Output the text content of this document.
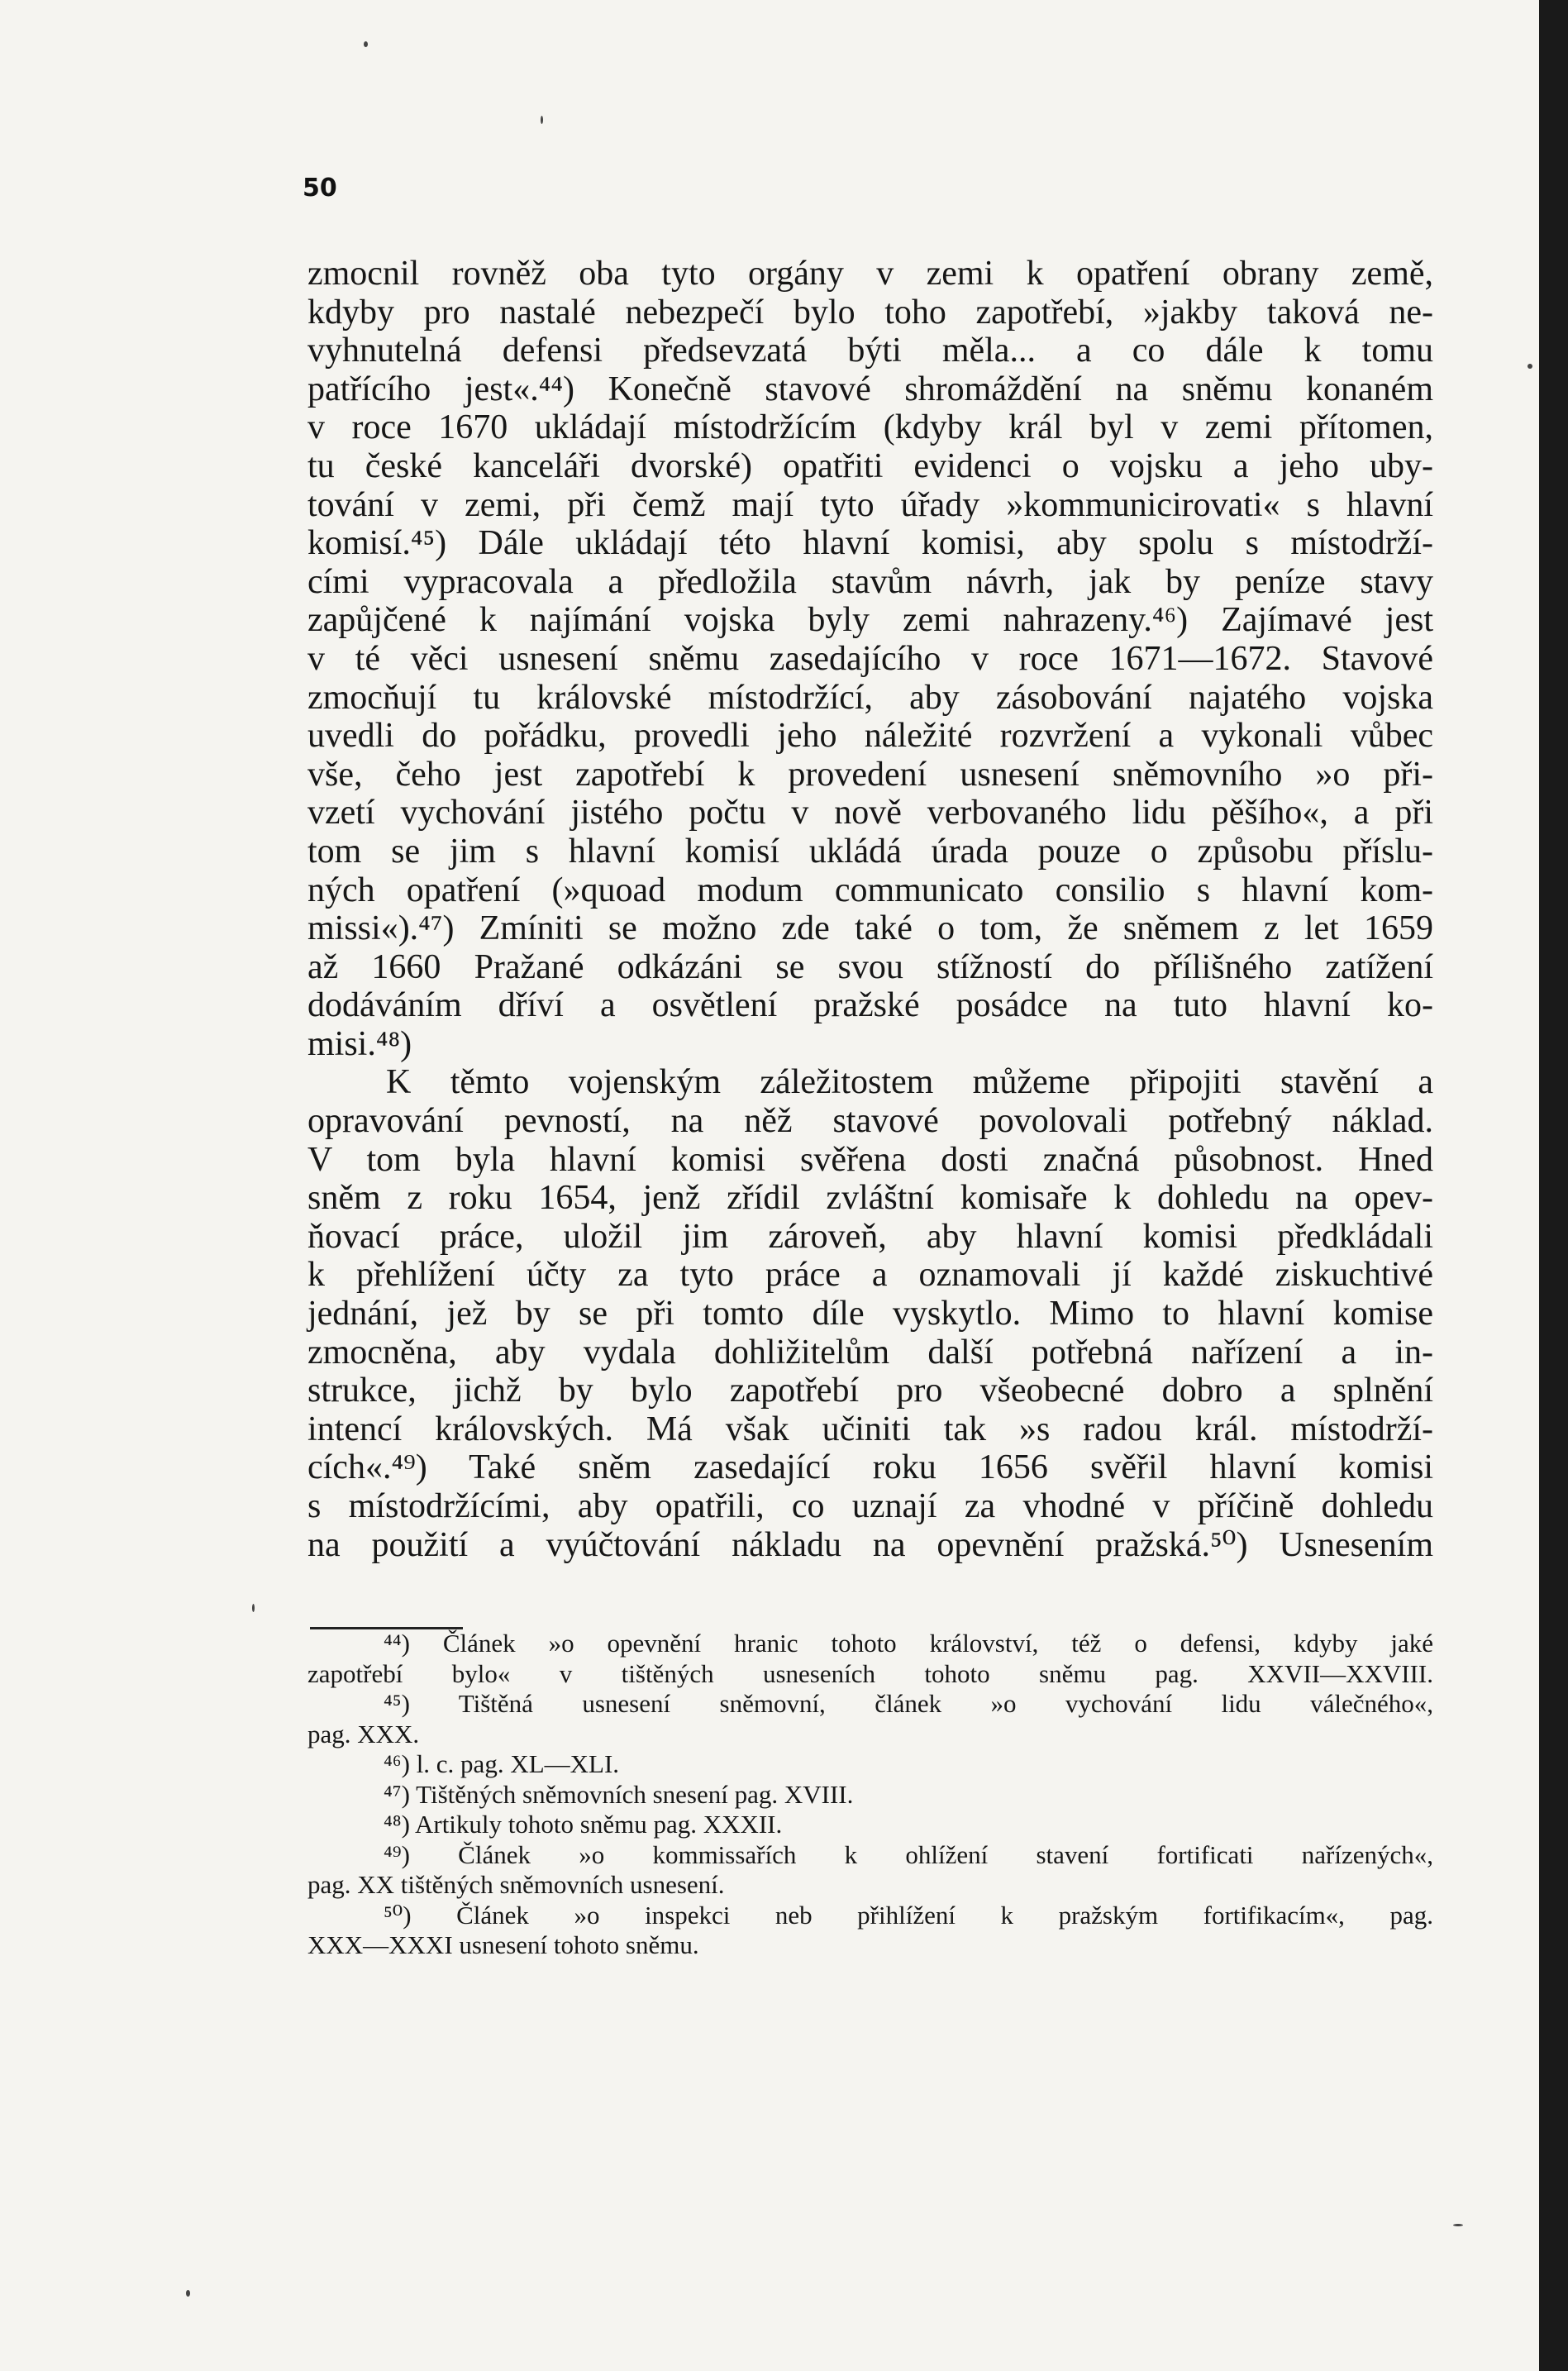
50
zmocnil rovněž oba tyto orgány v zemi k opatření obrany země,
kdyby pro nastalé nebezpečí bylo toho zapotřebí, »jakby taková ne-
vyhnutelná defensi předsevzatá býti měla... a co dále k tomu
patřícího jest«.⁴⁴) Konečně stavové shromáždění na sněmu konaném
v roce 1670 ukládají místodržícím (kdyby král byl v zemi přítomen,
tu české kanceláři dvorské) opatřiti evidenci o vojsku a jeho uby-
tování v zemi, při čemž mají tyto úřady »kommunicirovati« s hlavní
komisí.⁴⁵) Dále ukládají této hlavní komisi, aby spolu s místodrží-
cími vypracovala a předložila stavům návrh, jak by peníze stavy
zapůjčené k najímání vojska byly zemi nahrazeny.⁴⁶) Zajímavé jest
v té věci usnesení sněmu zasedajícího v roce 1671—1672. Stavové
zmocňují tu královské místodržící, aby zásobování najatého vojska
uvedli do pořádku, provedli jeho náležité rozvržení a vykonali vůbec
vše, čeho jest zapotřebí k provedení usnesení sněmovního »o při-
vzetí vychování jistého počtu v nově verbovaného lidu pěšího«, a při
tom se jim s hlavní komisí ukládá úrada pouze o způsobu příslu-
ných opatření (»quoad modum communicato consilio s hlavní kom-
missi«).⁴⁷) Zmíniti se možno zde také o tom, že sněmem z let 1659
až 1660 Pražané odkázáni se svou stížností do přílišného zatížení
dodáváním dříví a osvětlení pražské posádce na tuto hlavní ko-
misi.⁴⁸)
K těmto vojenským záležitostem můžeme připojiti stavění a
opravování pevností, na něž stavové povolovali potřebný náklad.
V tom byla hlavní komisi svěřena dosti značná působnost. Hned
sněm z roku 1654, jenž zřídil zvláštní komisaře k dohledu na opev-
ňovací práce, uložil jim zároveň, aby hlavní komisi předkládali
k přehlížení účty za tyto práce a oznamovali jí každé ziskuchtivé
jednání, jež by se při tomto díle vyskytlo. Mimo to hlavní komise
zmocněna, aby vydala dohližitelům další potřebná nařízení a in-
strukce, jichž by bylo zapotřebí pro všeobecné dobro a splnění
intencí královských. Má však učiniti tak »s radou král. místodrží-
cích«.⁴⁹) Také sněm zasedající roku 1656 svěřil hlavní komisi
s místodržícími, aby opatřili, co uznají za vhodné v příčině dohledu
na použití a vyúčtování nákladu na opevnění pražská.⁵⁰) Usnesením
⁴⁴) Článek »o opevnění hranic tohoto království, též o defensi, kdyby jaké
zapotřebí bylo« v tištěných usneseních tohoto sněmu pag. XXVII—XXVIII.
⁴⁵) Tištěná usnesení sněmovní, článek »o vychování lidu válečného«,
pag. XXX.
⁴⁶) l. c. pag. XL—XLI.
⁴⁷) Tištěných sněmovních snesení pag. XVIII.
⁴⁸) Artikuly tohoto sněmu pag. XXXII.
⁴⁹) Článek »o kommissařích k ohlížení stavení fortificati nařízených«,
pag. XX tištěných sněmovních usnesení.
⁵⁰) Článek »o inspekci neb přihlížení k pražským fortifikacím«, pag.
XXX—XXXI usnesení tohoto sněmu.
